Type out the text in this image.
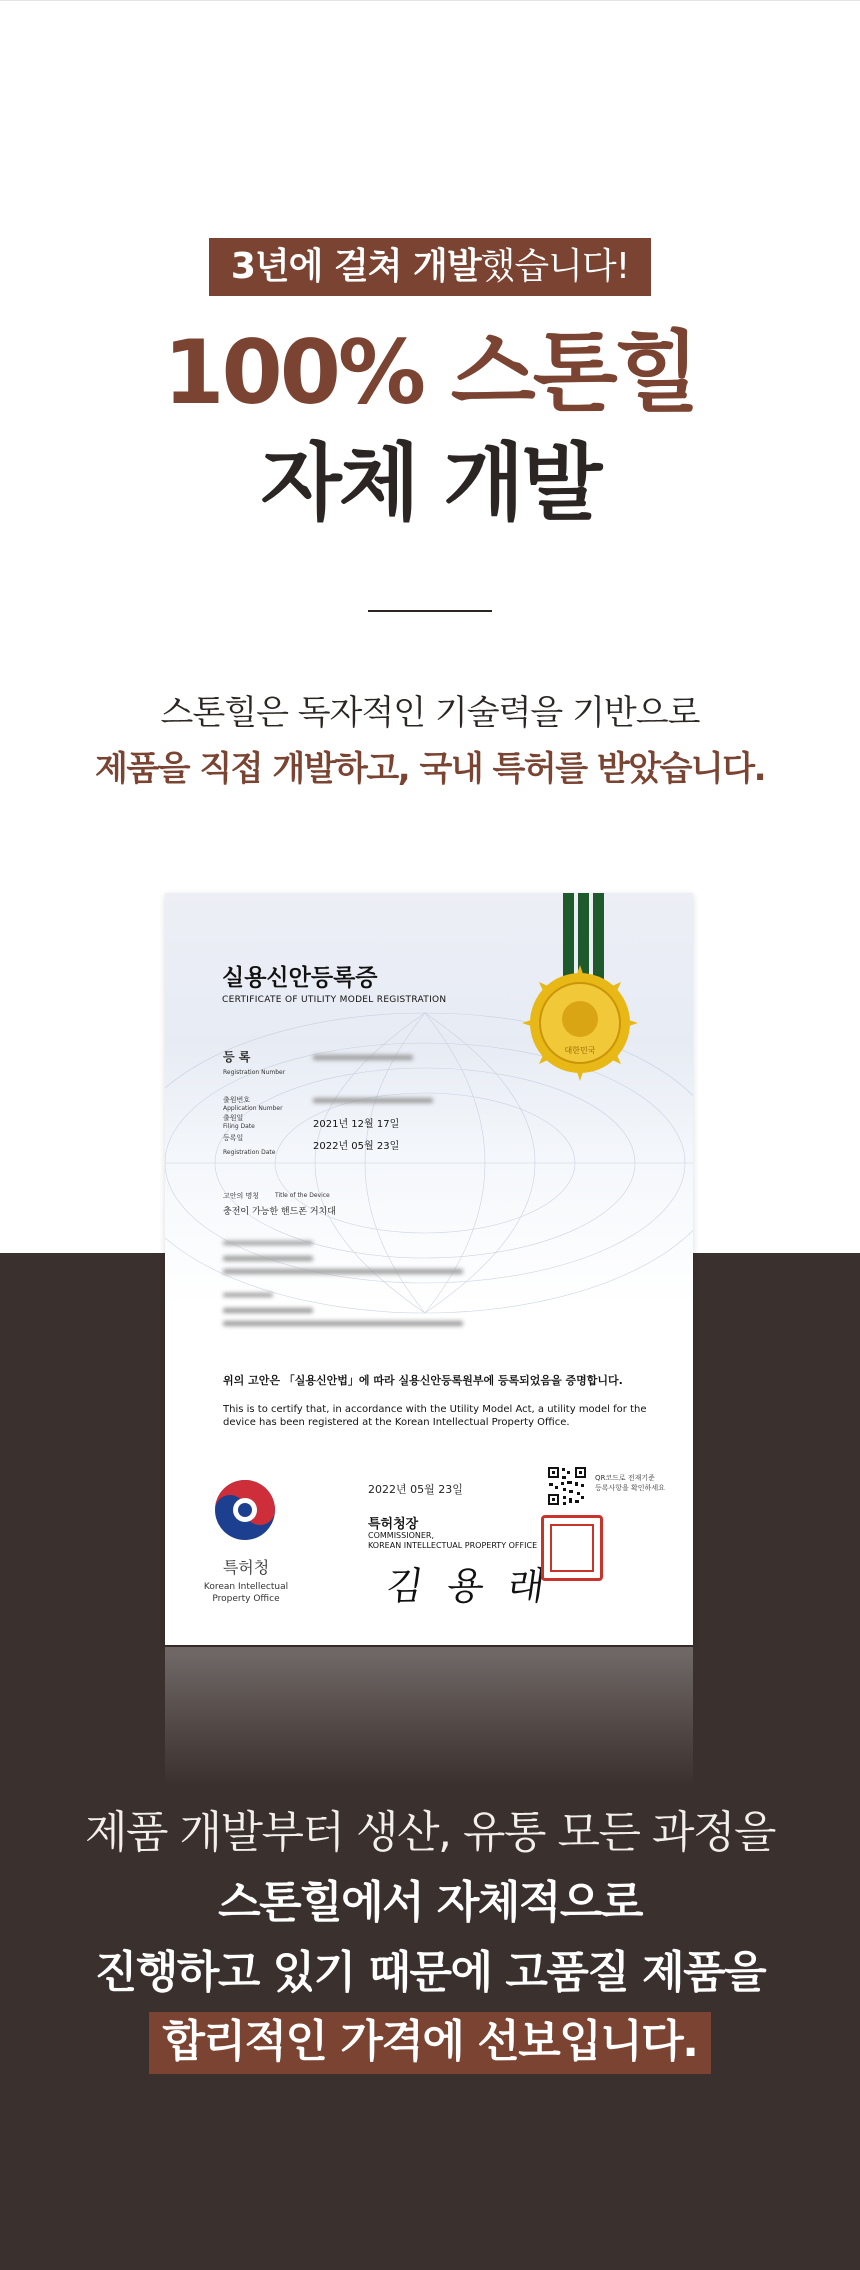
3년에 걸쳐 개발했습니다!
100% 스톤힐
자체 개발
스톤힐은 독자적인 기술력을 기반으로
제품을 직접 개발하고, 국내 특허를 받았습니다.
대한민국
실용신안등록증
CERTIFICATE OF UTILITY MODEL REGISTRATION
등 록
Registration Number
출원번호
Application Number
출원일
Filing Date	2021년 12월 17일
등록일
Registration Date
2022년 05월 23일
고안의 명칭	Title of the Device
충전이 가능한 핸드폰 거치대
위의 고안은 「실용신안법」에 따라 실용신안등록원부에 등록되었음을 증명합니다.
This is to certify that, in accordance with the Utility Model Act, a utility model for the device has been registered at the Korean Intellectual Property Office.
특허청
Korean Intellectual
Property Office
2022년 05월 23일
특허청장
COMMISSIONER,
KOREAN INTELLECTUAL PROPERTY OFFICE
김 용 래
QR코드로 전재기준
등록사항을 확인하세요
제품 개발부터 생산, 유통 모든 과정을
스톤힐에서 자체적으로
진행하고 있기 때문에 고품질 제품을
합리적인 가격에 선보입니다.
